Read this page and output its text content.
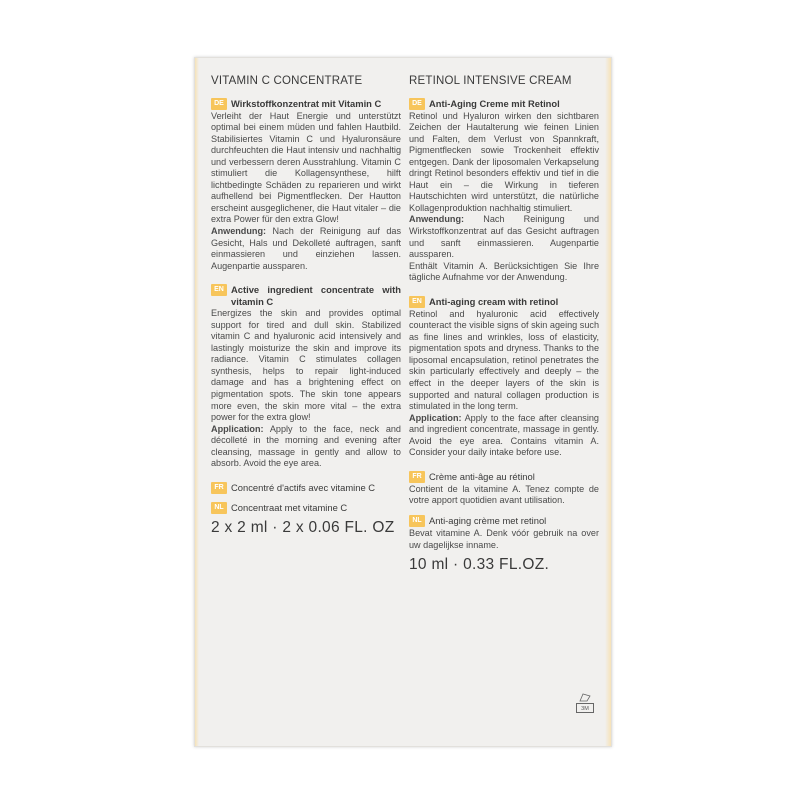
VITAMIN C CONCENTRATE
DE Wirkstoffkonzentrat mit Vitamin C

Verleiht der Haut Energie und unterstützt optimal bei einem müden und fahlen Hautbild. Stabilisiertes Vitamin C und Hyaluronsäure durchfeuchten die Haut intensiv und nachhaltig und verbessern deren Ausstrahlung. Vitamin C stimuliert die Kollagensynthese, hilft lichtbedingte Schäden zu reparieren und wirkt aufhellend bei Pigmentflecken. Der Hautton erscheint ausgeglichener, die Haut vitaler – die extra Power für den extra Glow!

Anwendung: Nach der Reinigung auf das Gesicht, Hals und Dekolleté auftragen, sanft einmassieren und einziehen lassen. Augenpartie aussparen.

EN Active ingredient concentrate with vitamin C

Energizes the skin and provides optimal support for tired and dull skin. Stabilized vitamin C and hyaluronic acid intensively and lastingly moisturize the skin and improve its radiance. Vitamin C stimulates collagen synthesis, helps to repair light-induced damage and has a brightening effect on pigmentation spots. The skin tone appears more even, the skin more vital – the extra power for the extra glow!

Application: Apply to the face, neck and décolleté in the morning and evening after cleansing, massage in gently and allow to absorb. Avoid the eye area.

FR Concentré d'actifs avec vitamine C
NL Concentraat met vitamine C
2 x 2 ml · 2 x 0.06 FL. OZ
RETINOL INTENSIVE CREAM
DE Anti-Aging Creme mit Retinol

Retinol und Hyaluron wirken den sichtbaren Zeichen der Hautalterung wie feinen Linien und Falten, dem Verlust von Spannkraft, Pigmentflecken sowie Trockenheit effektiv entgegen. Dank der liposomalen Verkapselung dringt Retinol besonders effektiv und tief in die Haut ein – die Wirkung in tieferen Hautschichten wird unterstützt, die natürliche Kollagenproduktion nachhaltig stimuliert.

Anwendung: Nach Reinigung und Wirkstoffkonzentrat auf das Gesicht auftragen und sanft einmassieren. Augenpartie aussparen.

Enthält Vitamin A. Berücksichtigen Sie Ihre tägliche Aufnahme vor der Anwendung.

EN Anti-aging cream with retinol

Retinol and hyaluronic acid effectively counteract the visible signs of skin ageing such as fine lines and wrinkles, loss of elasticity, pigmentation spots and dryness. Thanks to the liposomal encapsulation, retinol penetrates the skin particularly effectively and deeply – the effect in the deeper layers of the skin is supported and natural collagen production is stimulated in the long term.

Application: Apply to the face after cleansing and ingredient concentrate, massage in gently. Avoid the eye area. Contains vitamin A. Consider your daily intake before use.

FR Crème anti-âge au rétinol

Contient de la vitamine A. Tenez compte de votre apport quotidien avant utilisation.

NL Anti-aging crème met retinol

Bevat vitamine A. Denk vóór gebruik na over uw dagelijkse inname.

10 ml · 0.33 FL.OZ.
3M
